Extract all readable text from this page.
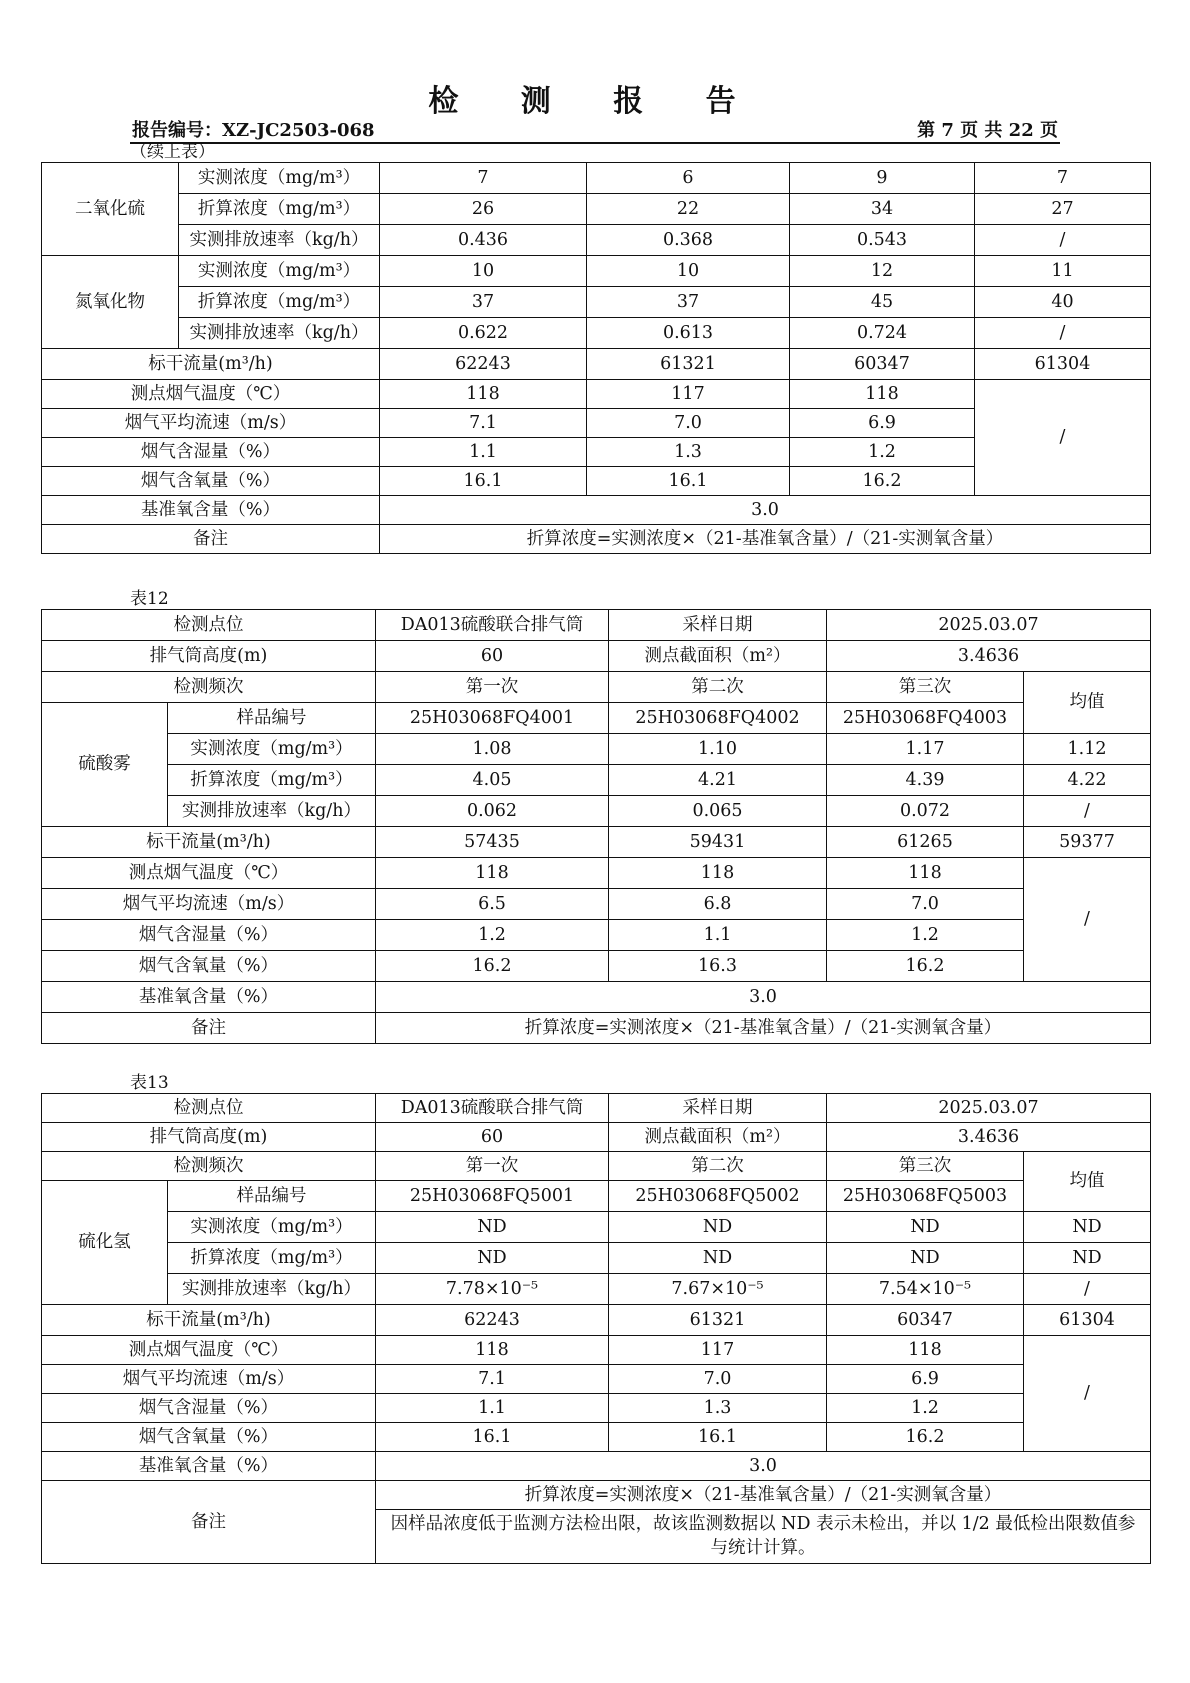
检 测 报 告
报告编号：XZ-JC2503-068	第 7 页 共 22 页
（续上表）
二氧化硫	实测浓度（mg/m³）	7	6	9	7
	折算浓度（mg/m³）	26	22	34	27
	实测排放速率（kg/h）	0.436	0.368	0.543	/
氮氧化物	实测浓度（mg/m³）	10	10	12	11
	折算浓度（mg/m³）	37	37	45	40
	实测排放速率（kg/h）	0.622	0.613	0.724	/
标干流量(m³/h)		62243	61321	60347	61304
测点烟气温度（℃）		118	117	118	/
烟气平均流速（m/s）		7.1	7.0	6.9	
烟气含湿量（%）		1.1	1.3	1.2	
烟气含氧量（%）		16.1	16.1	16.2	
基准氧含量（%）		3.0			
备注		折算浓度=实测浓度×（21-基准氧含量）/（21-实测氧含量）			
表12
检测点位		DA013硫酸联合排气筒	采样日期	2025.03.07	
排气筒高度(m)		60	测点截面积（m²）	3.4636	
检测频次		第一次	第二次	第三次	均值
硫酸雾	样品编号	25H03068FQ4001	25H03068FQ4002	25H03068FQ4003	
	实测浓度（mg/m³）	1.08	1.10	1.17	1.12
	折算浓度（mg/m³）	4.05	4.21	4.39	4.22
	实测排放速率（kg/h）	0.062	0.065	0.072	/
标干流量(m³/h)		57435	59431	61265	59377
测点烟气温度（℃）		118	118	118	/
烟气平均流速（m/s）		6.5	6.8	7.0	
烟气含湿量（%）		1.2	1.1	1.2	
烟气含氧量（%）		16.2	16.3	16.2	
基准氧含量（%）		3.0			
备注		折算浓度=实测浓度×（21-基准氧含量）/（21-实测氧含量）			
表13
检测点位		DA013硫酸联合排气筒	采样日期	2025.03.07	
排气筒高度(m)		60	测点截面积（m²）	3.4636	
检测频次		第一次	第二次	第三次	均值
硫化氢	样品编号	25H03068FQ5001	25H03068FQ5002	25H03068FQ5003	
	实测浓度（mg/m³）	ND	ND	ND	ND
	折算浓度（mg/m³）	ND	ND	ND	ND
	实测排放速率（kg/h）	7.78×10⁻⁵	7.67×10⁻⁵	7.54×10⁻⁵	/
标干流量(m³/h)		62243	61321	60347	61304
测点烟气温度（℃）		118	117	118	/
烟气平均流速（m/s）		7.1	7.0	6.9	
烟气含湿量（%）		1.1	1.3	1.2	
烟气含氧量（%）		16.1	16.1	16.2	
基准氧含量（%）		3.0			
备注		折算浓度=实测浓度×（21-基准氧含量）/（21-实测氧含量）			
		因样品浓度低于监测方法检出限，故该监测数据以 ND 表示未检出，并以 1/2 最低检出限数值参与统计计算。			
